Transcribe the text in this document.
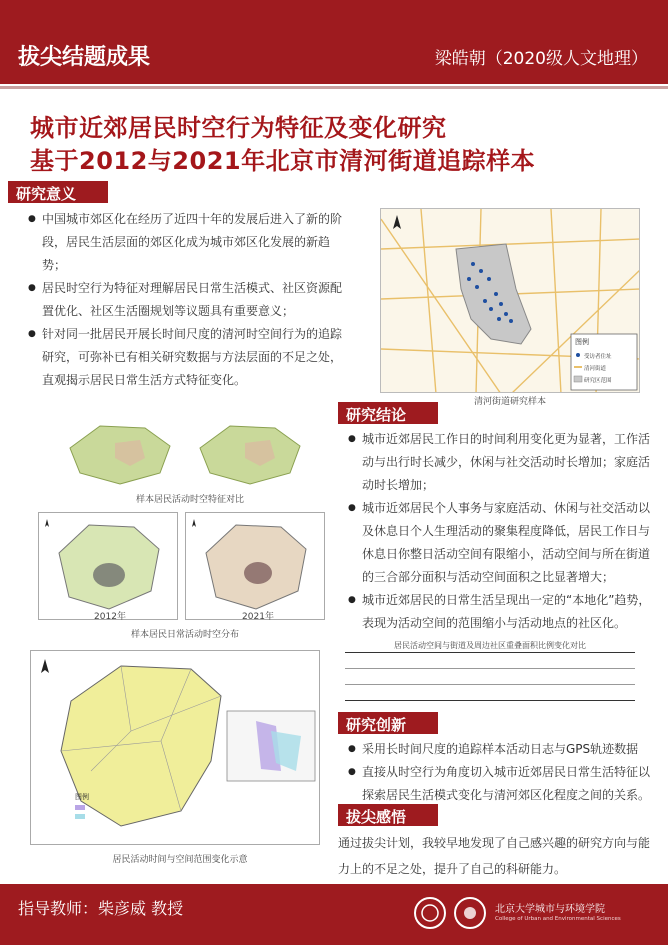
拔尖结题成果	梁皓朝（2020级人文地理）
城市近郊居民时空行为特征及变化研究
基于2012与2021年北京市清河街道追踪样本
研究意义
● 中国城市郊区化在经历了近四十年的发展后进入了新的阶段，居民生活层面的郊区化成为城市郊区化发展的新趋势；
● 居民时空行为特征对理解居民日常生活模式、社区资源配置优化、社区生活圈规划等议题具有重要意义；
● 针对同一批居民开展长时间尺度的清河时空间行为的追踪研究，可弥补已有相关研究数据与方法层面的不足之处，直观揭示居民日常生活方式特征变化。
图例
受访者住址
清河街道
研究区范围
清河街道研究样本
样本居民活动时空特征对比
2012年	2021年
样本居民日常活动时空分布
图例
居民活动时间与空间范围变化示意
研究结论
● 城市近郊居民工作日的时间利用变化更为显著，工作活动与出行时长减少，休闲与社交活动时长增加；家庭活动时长增加；
● 城市近郊居民个人事务与家庭活动、休闲与社交活动以及休息日个人生理活动的聚集程度降低，居民工作日与休息日你整日活动空间有限缩小，活动空间与所在街道的三合部分面积与活动空间面积之比显著增大；
● 城市近郊居民的日常生活呈现出一定的“本地化”趋势，表现为活动空间的范围缩小与活动地点的社区化。
居民活动空间与街道及周边社区重叠面积比例变化对比
研究创新
● 采用长时间尺度的追踪样本活动日志与GPS轨迹数据
● 直接从时空行为角度切入城市近郊居民日常生活特征以探索居民生活模式变化与清河郊区化程度之间的关系。
拔尖感悟
通过拔尖计划，我较早地发现了自己感兴趣的研究方向与能力上的不足之处，提升了自己的科研能力。
指导教师：柴彦威 教授	北京大学城市与环境学院
College of Urban and Environmental Sciences
